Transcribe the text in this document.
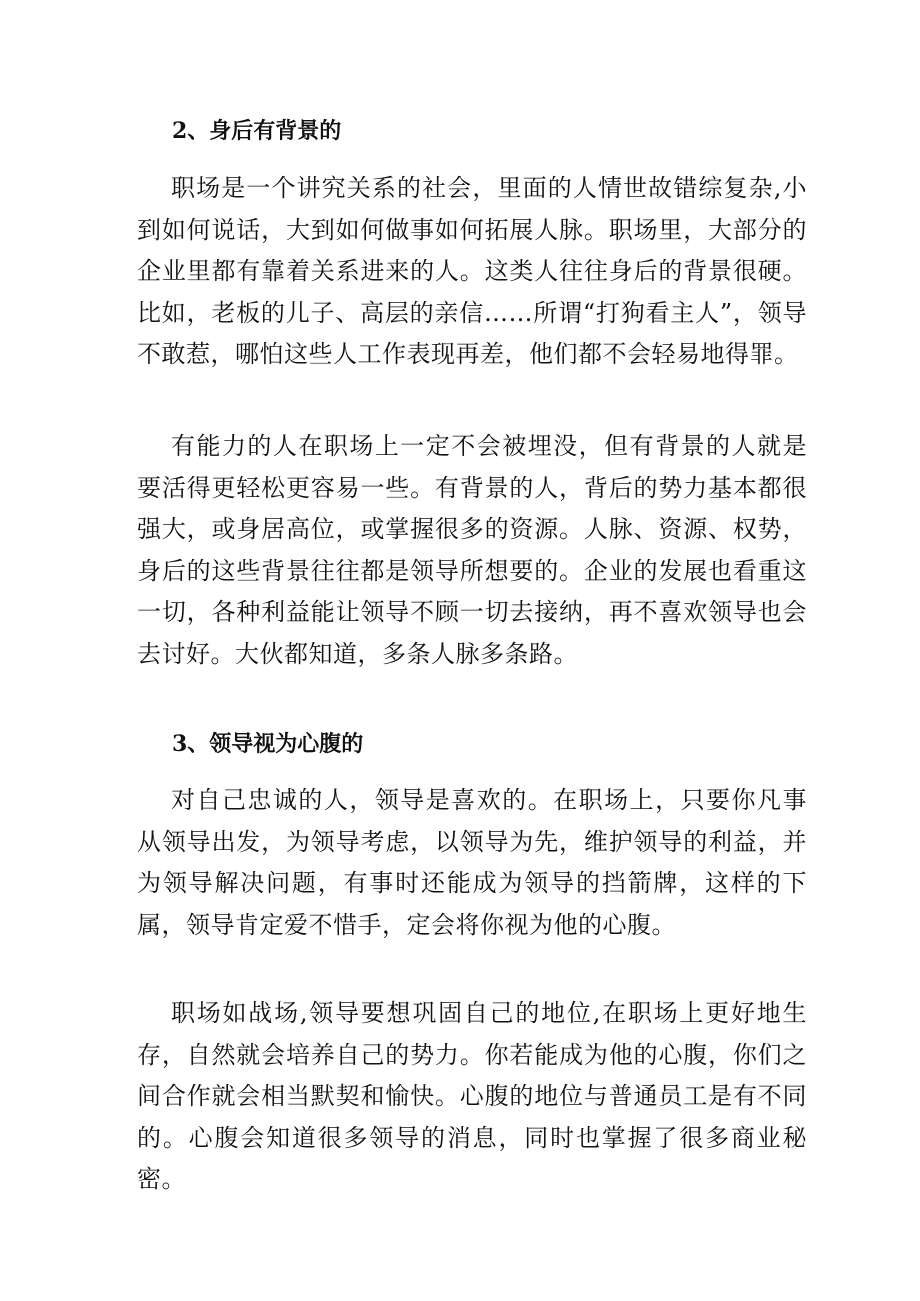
2、身后有背景的

职场是一个讲究关系的社会，里面的人情世故错综复杂,小到如何说话，大到如何做事如何拓展人脉。职场里，大部分的企业里都有靠着关系进来的人。这类人往往身后的背景很硬。比如，老板的儿子、高层的亲信……所谓“打狗看主人”，领导不敢惹，哪怕这些人工作表现再差，他们都不会轻易地得罪。

有能力的人在职场上一定不会被埋没，但有背景的人就是要活得更轻松更容易一些。有背景的人，背后的势力基本都很强大，或身居高位，或掌握很多的资源。人脉、资源、权势，身后的这些背景往往都是领导所想要的。企业的发展也看重这一切，各种利益能让领导不顾一切去接纳，再不喜欢领导也会去讨好。大伙都知道，多条人脉多条路。

3、领导视为心腹的

对自己忠诚的人，领导是喜欢的。在职场上，只要你凡事从领导出发，为领导考虑，以领导为先，维护领导的利益，并为领导解决问题，有事时还能成为领导的挡箭牌，这样的下属，领导肯定爱不惜手，定会将你视为他的心腹。

职场如战场,领导要想巩固自己的地位,在职场上更好地生存，自然就会培养自己的势力。你若能成为他的心腹，你们之间合作就会相当默契和愉快。心腹的地位与普通员工是有不同的。心腹会知道很多领导的消息，同时也掌握了很多商业秘密。
